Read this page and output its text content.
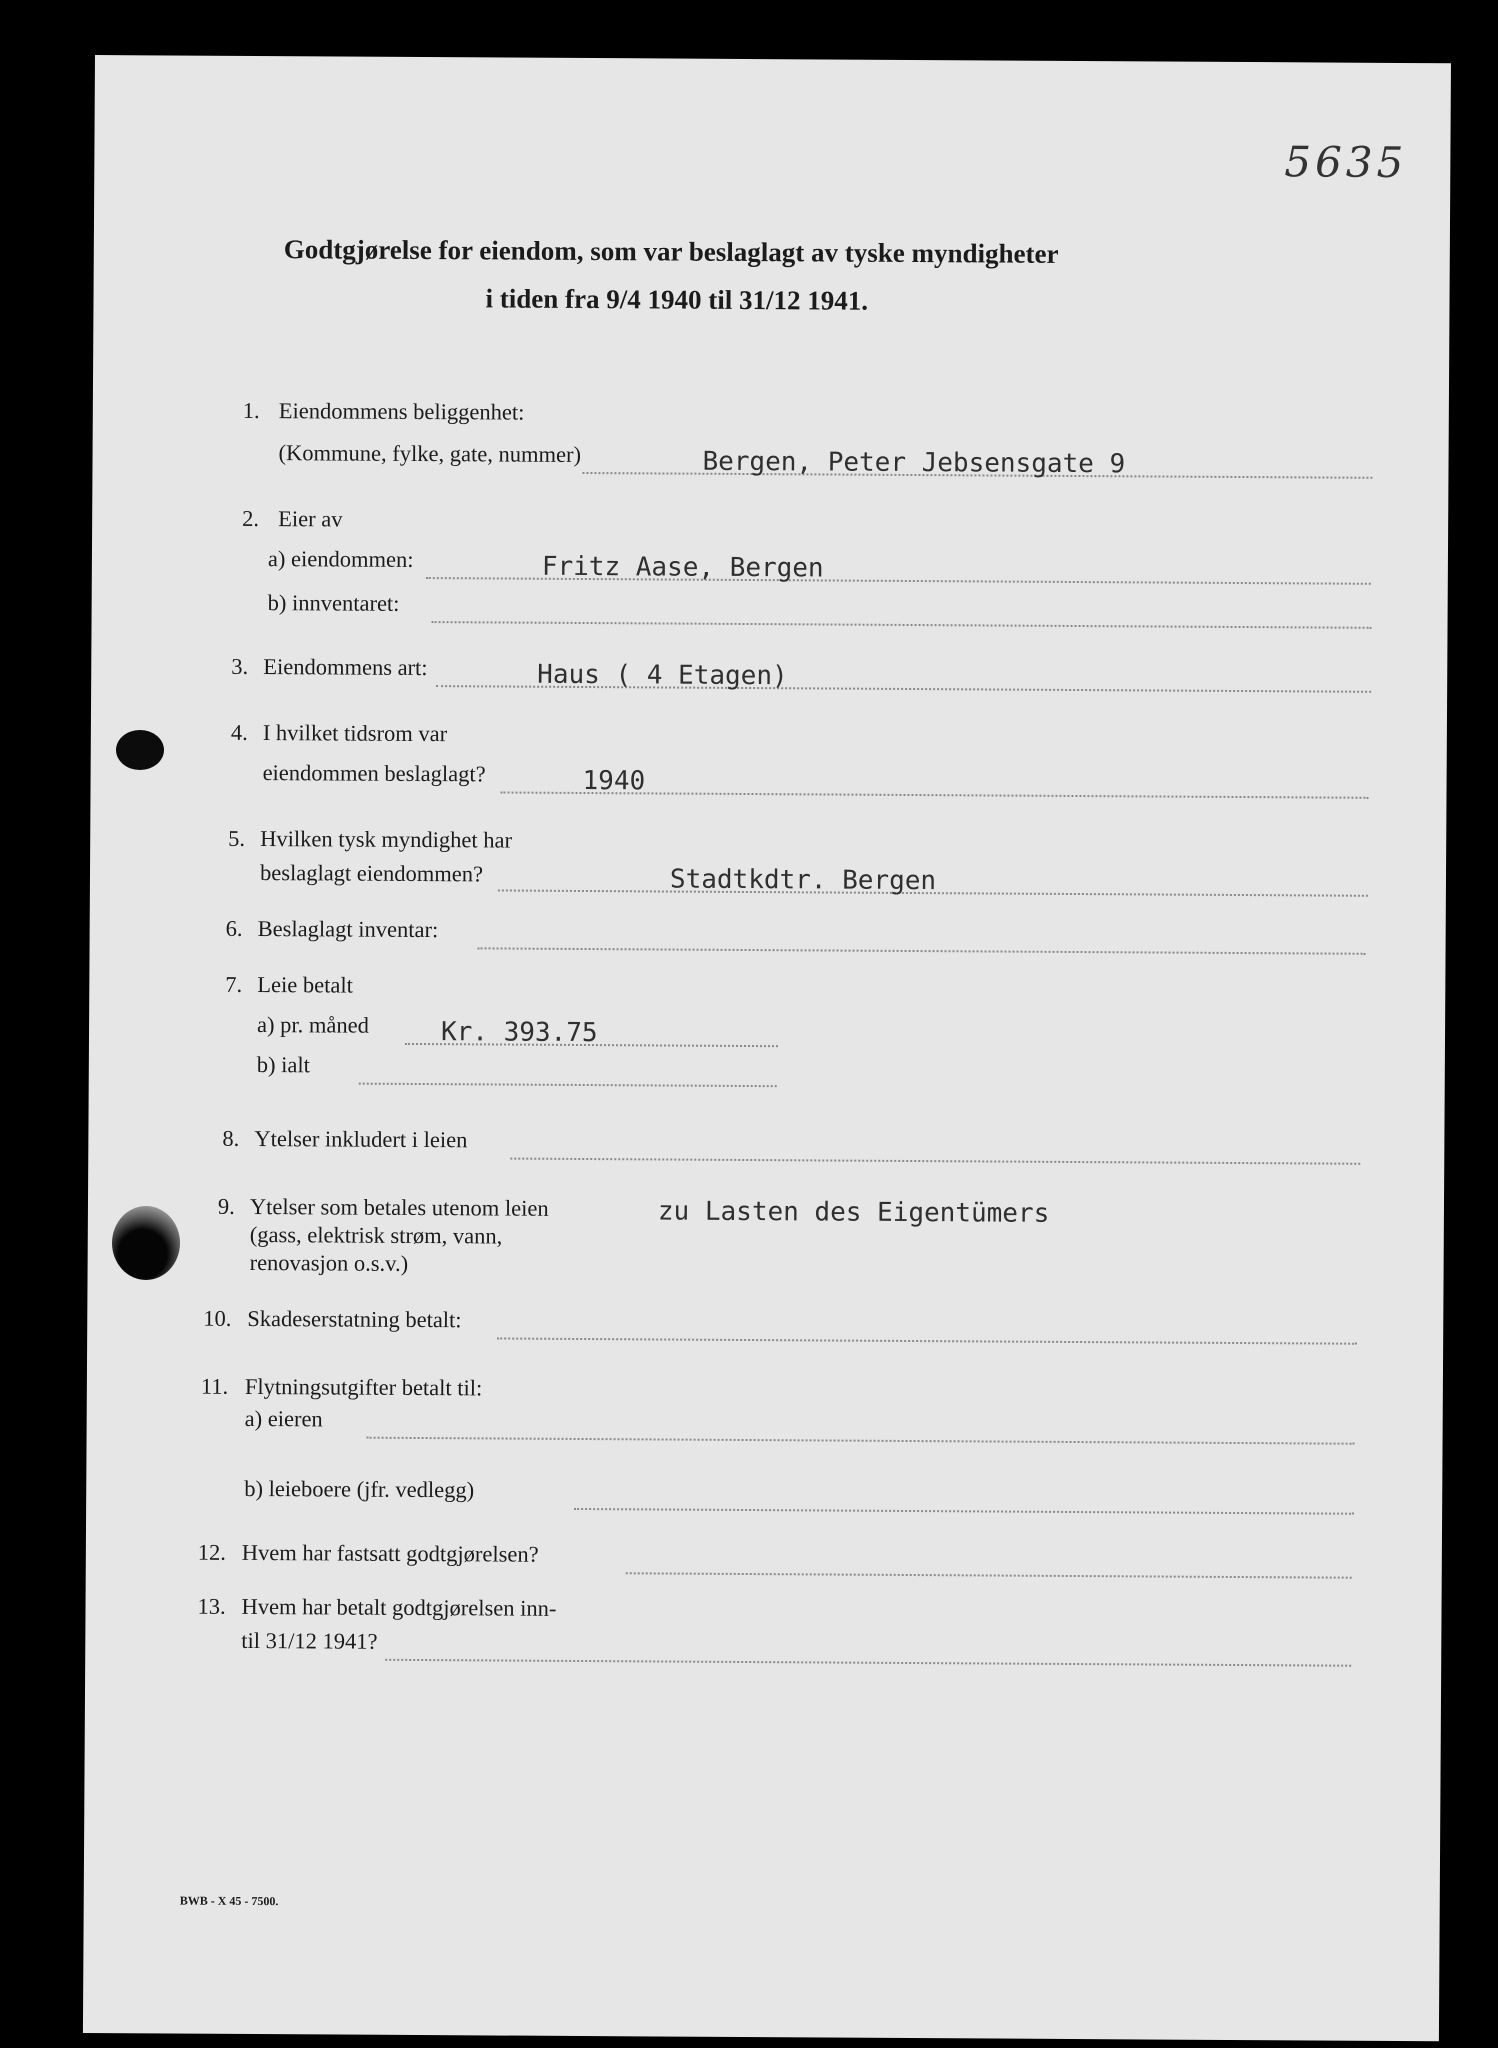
5635
Godtgjørelse for eiendom, som var beslaglagt av tyske myndigheter
i tiden fra 9/4 1940 til 31/12 1941.
1. Eiendommens beliggenhet:
(Kommune, fylke, gate, nummer)	Bergen, Peter Jebsensgate 9
2. Eier av
a) eiendommen:	Fritz Aase, Bergen
b) innventaret:
3. Eiendommens art:	Haus ( 4 Etagen)
4. I hvilket tidsrom var
eiendommen beslaglagt?	1940
5. Hvilken tysk myndighet har
beslaglagt eiendommen?	Stadtkdtr. Bergen
6. Beslaglagt inventar:
7. Leie betalt
a) pr. måned	Kr. 393.75
b) ialt
8. Ytelser inkludert i leien
9. Ytelser som betales utenom leien
(gass, elektrisk strøm, vann,
renovasjon o.s.v.)
zu Lasten des Eigentümers
10. Skadeserstatning betalt:
11. Flytningsutgifter betalt til:
a) eieren
b) leieboere (jfr. vedlegg)
12. Hvem har fastsatt godtgjørelsen?
13. Hvem har betalt godtgjørelsen inn-
til 31/12 1941?
BWB - X 45 - 7500.
